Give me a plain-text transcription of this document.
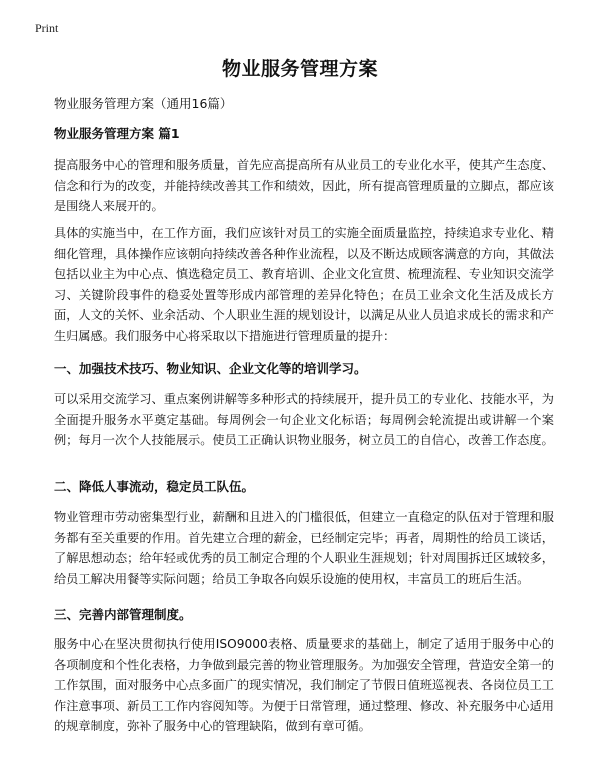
Print
物业服务管理方案

物业服务管理方案（通用16篇）

物业服务管理方案 篇1

提高服务中心的管理和服务质量，首先应高提高所有从业员工的专业化水平，使其产生态度、信念和行为的改变，并能持续改善其工作和绩效，因此，所有提高管理质量的立脚点，都应该是围绕人来展开的。

具体的实施当中，在工作方面，我们应该针对员工的实施全面质量监控，持续追求专业化、精细化管理，具体操作应该朝向持续改善各种作业流程，以及不断达成顾客满意的方向，其做法包括以业主为中心点、慎选稳定员工、教育培训、企业文化宣贯、梳理流程、专业知识交流学习、关键阶段事件的稳妥处置等形成内部管理的差异化特色；在员工业余文化生活及成长方面，人文的关怀、业余活动、个人职业生涯的规划设计，以满足从业人员追求成长的需求和产生归属感。我们服务中心将采取以下措施进行管理质量的提升：

一、加强技术技巧、物业知识、企业文化等的培训学习。

可以采用交流学习、重点案例讲解等多种形式的持续展开，提升员工的专业化、技能水平，为全面提升服务水平奠定基础。每周例会一句企业文化标语；每周例会轮流提出或讲解一个案例；每月一次个人技能展示。使员工正确认识物业服务，树立员工的自信心，改善工作态度。

二、降低人事流动，稳定员工队伍。

物业管理市劳动密集型行业，薪酬和且进入的门槛很低，但建立一直稳定的队伍对于管理和服务都有至关重要的作用。首先建立合理的薪金，已经制定完毕；再者，周期性的给员工谈话，了解思想动态；给年轻或优秀的员工制定合理的个人职业生涯规划；针对周围拆迁区域较多，给员工解决用餐等实际问题；给员工争取各向娱乐设施的使用权，丰富员工的班后生活。

三、完善内部管理制度。

服务中心在坚决贯彻执行使用ISO9000表格、质量要求的基础上，制定了适用于服务中心的各项制度和个性化表格，力争做到最完善的物业管理服务。为加强安全管理，营造安全第一的工作氛围，面对服务中心点多面广的现实情况，我们制定了节假日值班巡视表、各岗位员工工作注意事项、新员工工作内容阅知等。为便于日常管理，通过整理、修改、补充服务中心适用的规章制度，弥补了服务中心的管理缺陷，做到有章可循。
